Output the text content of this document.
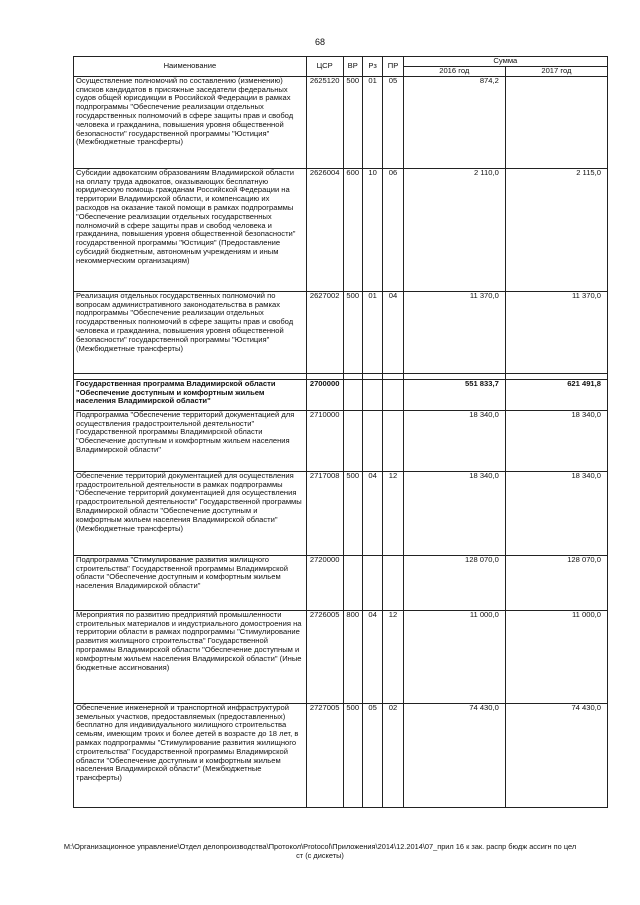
68
Наименование	ЦСР	ВР	Рз	ПР	Сумма	
					2016 год	2017 год
Осуществление полномочий по составлению (изменению) списков кандидатов в присяжные заседатели федеральных судов общей юрисдикции в Российской Федерации в рамках подпрограммы "Обеспечение реализации отдельных государственных полномочий в сфере защиты прав и свобод человека и гражданина, повышения уровня общественной безопасности" государственной программы "Юстиция" (Межбюджетные трансферты)	2625120	500	01	05	874,2	
Субсидии адвокатским образованиям Владимирской области на оплату труда адвокатов, оказывающих бесплатную юридическую помощь гражданам Российской Федерации на территории Владимирской области, и компенсацию их расходов на оказание такой помощи в рамках подпрограммы "Обеспечение реализации отдельных государственных полномочий в сфере защиты прав и свобод человека и гражданина, повышения уровня общественной безопасности" государственной программы "Юстиция" (Предоставление субсидий бюджетным, автономным учреждениям и иным некоммерческим организациям)	2626004	600	10	06	2 110,0	2 115,0
Реализация отдельных государственных полномочий по вопросам административного законодательства в рамках подпрограммы "Обеспечение реализации отдельных государственных полномочий в сфере защиты прав и свобод человека и гражданина, повышения уровня общественной безопасности" государственной программы "Юстиция" (Межбюджетные трансферты)	2627002	500	01	04	11 370,0	11 370,0

Государственная программа Владимирской области "Обеспечение доступным и комфортным жильем населения Владимирской области"	2700000				551 833,7	621 491,8
Подпрограмма "Обеспечение территорий документацией для осуществления градостроительной деятельности" Государственной программы Владимирской области "Обеспечение доступным и комфортным жильем населения Владимирской области"	2710000				18 340,0	18 340,0
Обеспечение территорий документацией для осуществления градостроительной деятельности в рамках подпрограммы "Обеспечение территорий документацией для осуществления градостроительной деятельности" Государственной программы Владимирской области "Обеспечение доступным и комфортным жильем населения Владимирской области" (Межбюджетные трансферты)	2717008	500	04	12	18 340,0	18 340,0
Подпрограмма "Стимулирование развития жилищного строительства" Государственной программы Владимирской области "Обеспечение доступным и комфортным жильем населения Владимирской области"	2720000				128 070,0	128 070,0
Мероприятия по развитию предприятий промышленности строительных материалов и индустриального домостроения на территории области в рамках подпрограммы "Стимулирование развития жилищного строительства" Государственной программы Владимирской области "Обеспечение доступным и комфортным жильем населения Владимирской области" (Иные бюджетные ассигнования)	2726005	800	04	12	11 000,0	11 000,0
Обеспечение инженерной и транспортной инфраструктурой земельных участков, предоставляемых (предоставленных) бесплатно для индивидуального жилищного строительства семьям, имеющим троих и более детей в возрасте до 18 лет, в рамках подпрограммы "Стимулирование развития жилищного строительства" Государственной программы Владимирской области "Обеспечение доступным и комфортным жильем населения Владимирской области" (Межбюджетные трансферты)	2727005	500	05	02	74 430,0	74 430,0
M:\Организационное управление\Отдел делопроизводства\Протокол\Protocol\Приложения\2014\12.2014\07_прил 16 к зак. распр бюдж ассигн по цел ст (с дискеты)
